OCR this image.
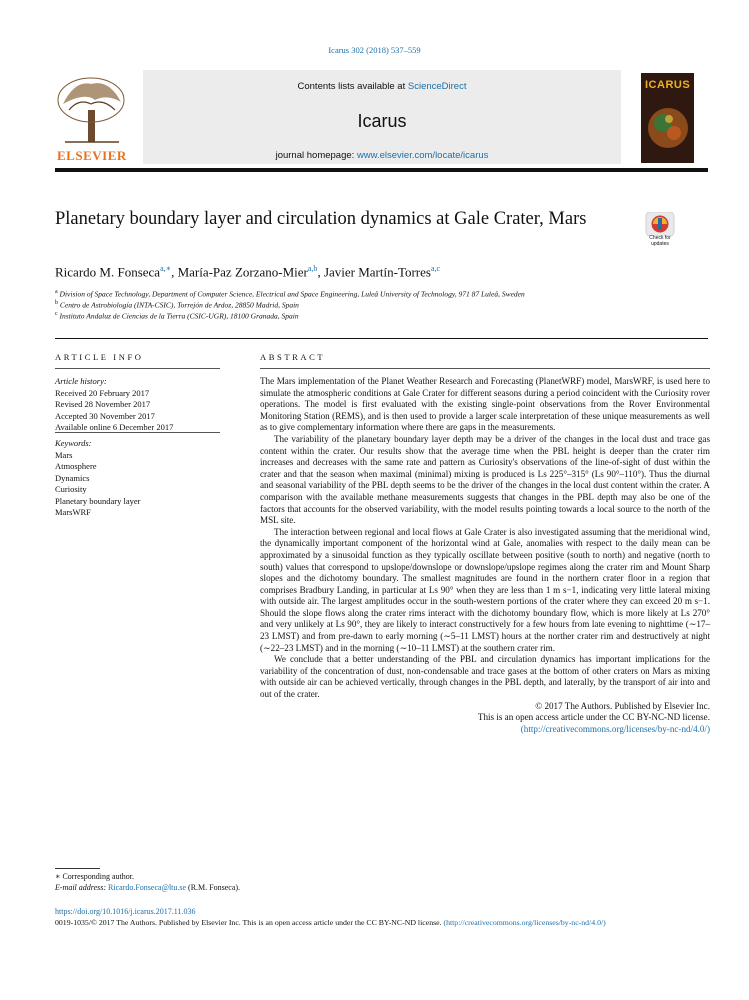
Icarus 302 (2018) 537–559
ELSEVIER
Contents lists available at ScienceDirect
Icarus
journal homepage: www.elsevier.com/locate/icarus
ICARUS
Planetary boundary layer and circulation dynamics at Gale Crater, Mars
Check for updates
Ricardo M. Fonseca$^{a,∗}$, María-Paz Zorzano-Mier$^{a,b}$, Javier Martín-Torres$^{a,c}$
$^a$ Division of Space Technology, Department of Computer Science, Electrical and Space Engineering, Luleå University of Technology, 971 87 Luleå, Sweden
$^b$ Centro de Astrobiología (INTA-CSIC), Torrejón de Ardoz, 28850 Madrid, Spain
$^c$ Instituto Andaluz de Ciencias de la Tierra (CSIC-UGR), 18100 Granada, Spain
ARTICLE INFO	ABSTRACT
Article history:
Received 20 February 2017
Revised 28 November 2017
Accepted 30 November 2017
Available online 6 December 2017
Keywords:
Mars
Atmosphere
Dynamics
Curiosity
Planetary boundary layer
MarsWRF

The Mars implementation of the Planet Weather Research and Forecasting (PlanetWRF) model, MarsWRF, is used here to simulate the atmospheric conditions at Gale Crater for different seasons during a period coincident with the Curiosity rover operations. The model is first evaluated with the existing single-point observations from the Rover Environmental Monitoring Station (REMS), and is then used to provide a larger scale interpretation of these unique measurements as well as to give complementary information where there are gaps in the measurements.

The variability of the planetary boundary layer depth may be a driver of the changes in the local dust and trace gas content within the crater. Our results show that the average time when the PBL height is deeper than the crater rim increases and decreases with the same rate and pattern as Curiosity's observations of the line-of-sight of dust within the crater and that the season when maximal (minimal) mixing is produced is Ls 225°–315° (Ls 90°–110°). Thus the diurnal and seasonal variability of the PBL depth seems to be the driver of the changes in the local dust content within the crater. A comparison with the available methane measurements suggests that changes in the PBL depth may also be one of the factors that accounts for the observed variability, with the model results pointing towards a local source to the north of the MSL site.

The interaction between regional and local flows at Gale Crater is also investigated assuming that the meridional wind, the dynamically important component of the horizontal wind at Gale, anomalies with respect to the daily mean can be approximated by a sinusoidal function as they typically oscillate between positive (south to north) and negative (north to south) values that correspond to upslope/downslope or downslope/upslope regimes along the crater rim and Mount Sharp slopes and the dichotomy boundary. The smallest magnitudes are found in the northern crater floor in a region that comprises Bradbury Landing, in particular at Ls 90° when they are less than 1 m s−1, indicating very little lateral mixing with outside air. The largest amplitudes occur in the south-western portions of the crater where they can exceed 20 m s−1. Should the slope flows along the crater rims interact with the dichotomy boundary flow, which is more likely at Ls 270° and very unlikely at Ls 90°, they are likely to interact constructively for a few hours from late evening to nighttime (∼17–23 LMST) and from pre-dawn to early morning (∼5–11 LMST) hours at the norther crater rim and destructively at night (∼22–23 LMST) and in the morning (∼10–11 LMST) at the southern crater rim.

We conclude that a better understanding of the PBL and circulation dynamics has important implications for the variability of the concentration of dust, non-condensable and trace gases at the bottom of other craters on Mars as mixing with outside air can be achieved vertically, through changes in the PBL depth, and laterally, by the transport of air into and out of the crater.

© 2017 The Authors. Published by Elsevier Inc.

This is an open access article under the CC BY-NC-ND license.

(http://creativecommons.org/licenses/by-nc-nd/4.0/)

∗ Corresponding author.
E-mail address: Ricardo.Fonseca@ltu.se (R.M. Fonseca).
https://doi.org/10.1016/j.icarus.2017.11.036
0019-1035/© 2017 The Authors. Published by Elsevier Inc. This is an open access article under the CC BY-NC-ND license. (http://creativecommons.org/licenses/by-nc-nd/4.0/)
